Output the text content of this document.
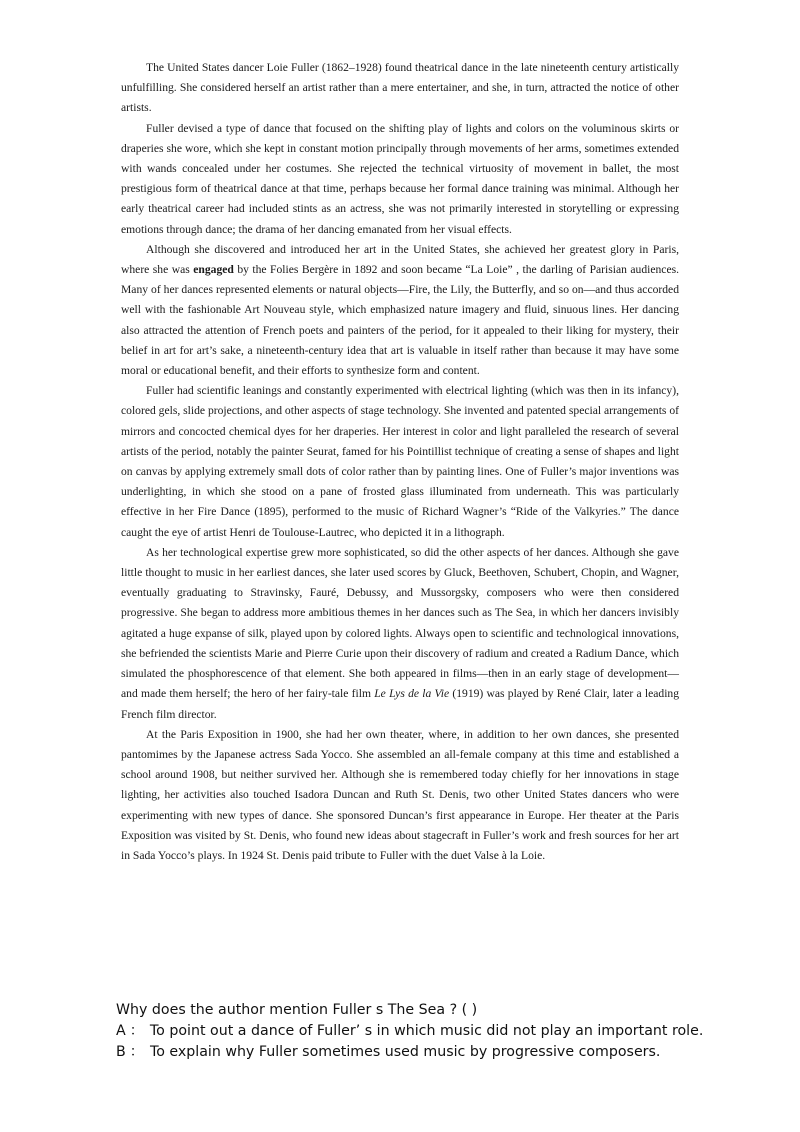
The United States dancer Loie Fuller (1862–1928) found theatrical dance in the late nineteenth century artistically unfulfilling. She considered herself an artist rather than a mere entertainer, and she, in turn, attracted the notice of other artists.

Fuller devised a type of dance that focused on the shifting play of lights and colors on the voluminous skirts or draperies she wore, which she kept in constant motion principally through movements of her arms, sometimes extended with wands concealed under her costumes. She rejected the technical virtuosity of movement in ballet, the most prestigious form of theatrical dance at that time, perhaps because her formal dance training was minimal. Although her early theatrical career had included stints as an actress, she was not primarily interested in storytelling or expressing emotions through dance; the drama of her dancing emanated from her visual effects.

Although she discovered and introduced her art in the United States, she achieved her greatest glory in Paris, where she was engaged by the Folies Bergère in 1892 and soon became “La Loie” , the darling of Parisian audiences. Many of her dances represented elements or natural objects—Fire, the Lily, the Butterfly, and so on—and thus accorded well with the fashionable Art Nouveau style, which emphasized nature imagery and fluid, sinuous lines. Her dancing also attracted the attention of French poets and painters of the period, for it appealed to their liking for mystery, their belief in art for art’s sake, a nineteenth-century idea that art is valuable in itself rather than because it may have some moral or educational benefit, and their efforts to synthesize form and content.

Fuller had scientific leanings and constantly experimented with electrical lighting (which was then in its infancy), colored gels, slide projections, and other aspects of stage technology. She invented and patented special arrangements of mirrors and concocted chemical dyes for her draperies. Her interest in color and light paralleled the research of several artists of the period, notably the painter Seurat, famed for his Pointillist technique of creating a sense of shapes and light on canvas by applying extremely small dots of color rather than by painting lines. One of Fuller’s major inventions was underlighting, in which she stood on a pane of frosted glass illuminated from underneath. This was particularly effective in her Fire Dance (1895), performed to the music of Richard Wagner’s “Ride of the Valkyries.” The dance caught the eye of artist Henri de Toulouse-Lautrec, who depicted it in a lithograph.

As her technological expertise grew more sophisticated, so did the other aspects of her dances. Although she gave little thought to music in her earliest dances, she later used scores by Gluck, Beethoven, Schubert, Chopin, and Wagner, eventually graduating to Stravinsky, Fauré, Debussy, and Mussorgsky, composers who were then considered progressive. She began to address more ambitious themes in her dances such as The Sea, in which her dancers invisibly agitated a huge expanse of silk, played upon by colored lights. Always open to scientific and technological innovations, she befriended the scientists Marie and Pierre Curie upon their discovery of radium and created a Radium Dance, which simulated the phosphorescence of that element. She both appeared in films—then in an early stage of development—and made them herself; the hero of her fairy-tale film Le Lys de la Vie (1919) was played by René Clair, later a leading French film director.

At the Paris Exposition in 1900, she had her own theater, where, in addition to her own dances, she presented pantomimes by the Japanese actress Sada Yocco. She assembled an all-female company at this time and established a school around 1908, but neither survived her. Although she is remembered today chiefly for her innovations in stage lighting, her activities also touched Isadora Duncan and Ruth St. Denis, two other United States dancers who were experimenting with new types of dance. She sponsored Duncan’s first appearance in Europe. Her theater at the Paris Exposition was visited by St. Denis, who found new ideas about stagecraft in Fuller’s work and fresh sources for her art in Sada Yocco’s plays. In 1924 St. Denis paid tribute to Fuller with the duet Valse à la Loie.

Why does the author mention Fuller s The Sea ? ( )
A ： To point out a dance of Fuller’ s in which music did not play an important role.
B ： To explain why Fuller sometimes used music by progressive composers.
